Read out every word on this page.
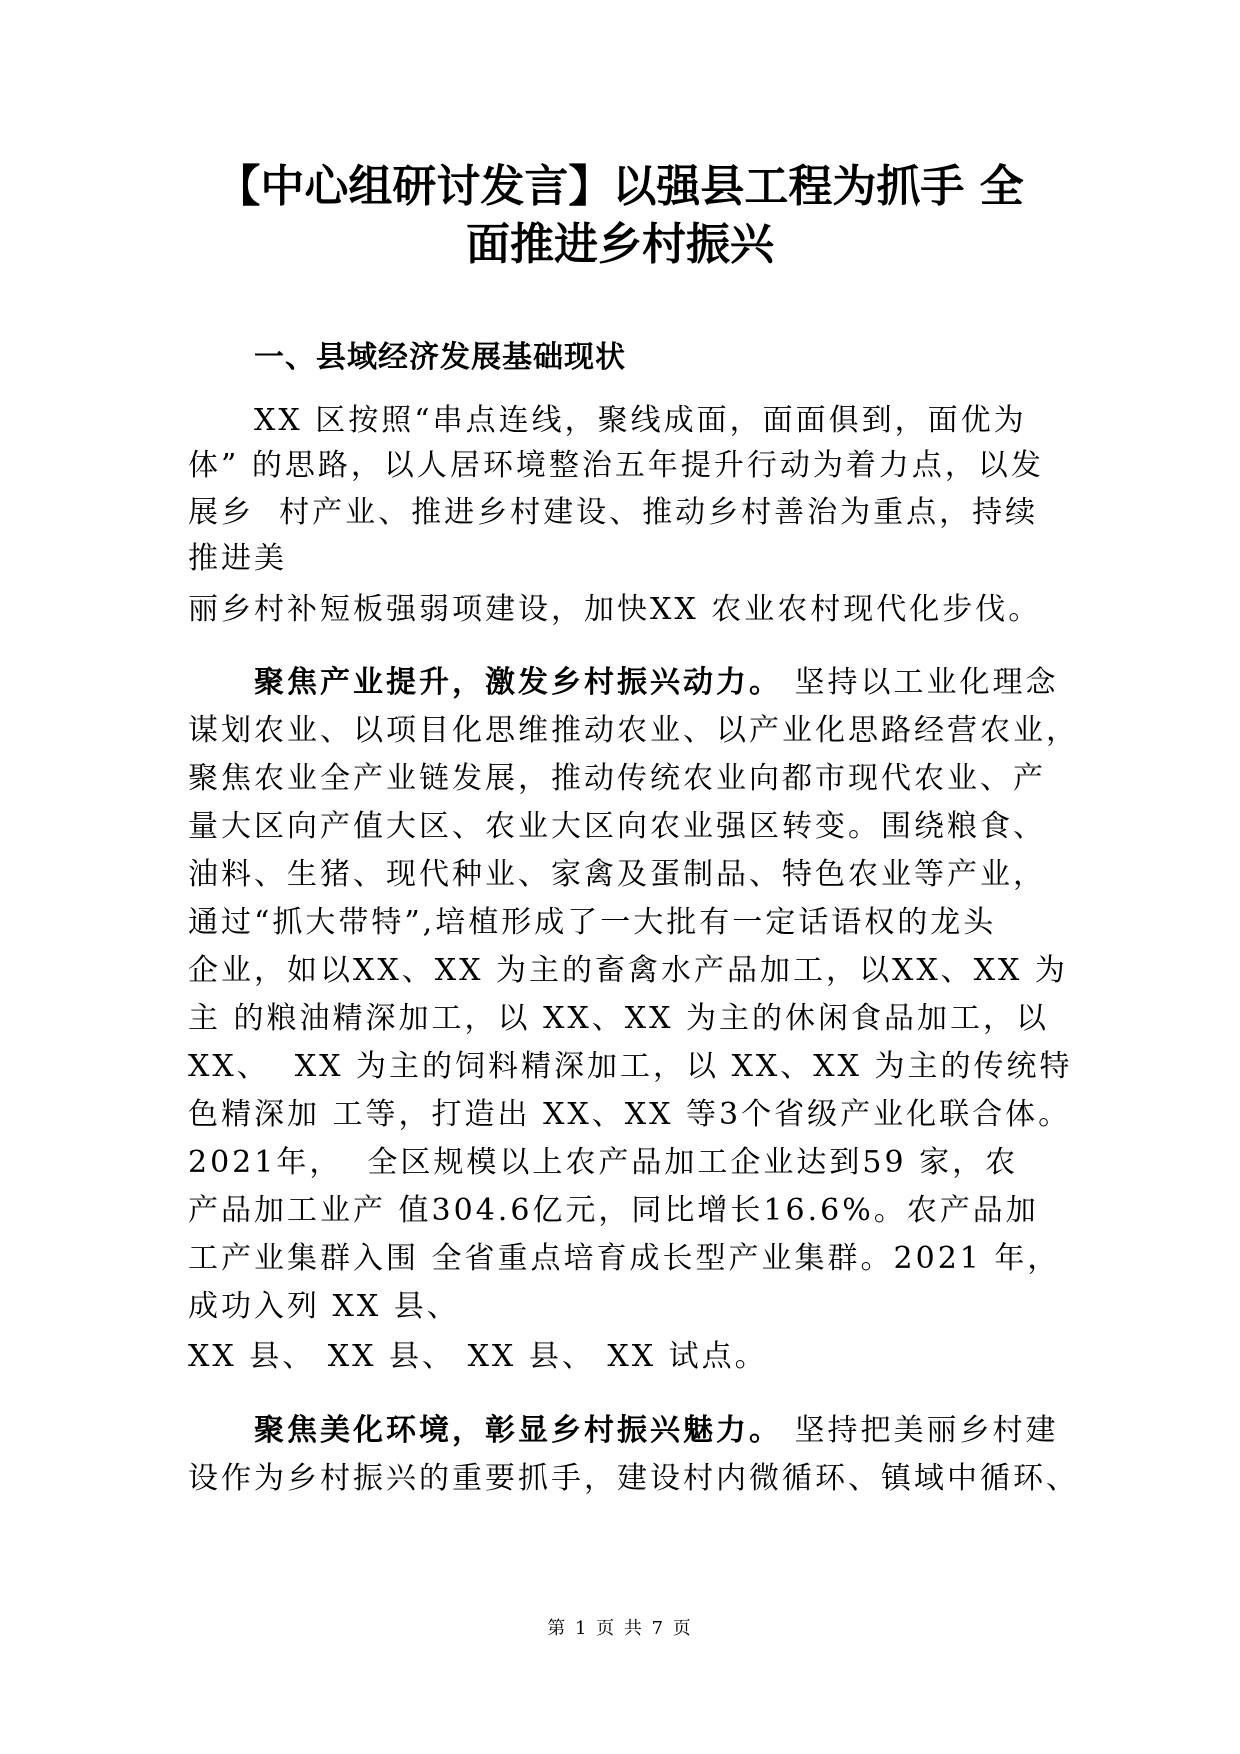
【中心组研讨发言】以强县工程为抓手 全
面推进乡村振兴
一、县域经济发展基础现状
XX 区按照“串点连线，聚线成面，面面俱到，面优为
体” 的思路，以人居环境整治五年提升行动为着力点，以发
展乡  村产业、推进乡村建设、推动乡村善治为重点，持续
推进美
丽乡村补短板强弱项建设，加快XX 农业农村现代化步伐。
聚焦产业提升，激发乡村振兴动力。 坚持以工业化理念
谋划农业、以项目化思维推动农业、以产业化思路经营农业，
聚焦农业全产业链发展，推动传统农业向都市现代农业、产
量大区向产值大区、农业大区向农业强区转变。围绕粮食、
油料、生猪、现代种业、家禽及蛋制品、特色农业等产业，
通过“抓大带特”,培植形成了一大批有一定话语权的龙头
企业，如以XX、XX 为主的畜禽水产品加工，以XX、XX 为
主 的粮油精深加工，以 XX、XX 为主的休闲食品加工，以
XX、  XX 为主的饲料精深加工，以 XX、XX 为主的传统特
色精深加 工等，打造出 XX、XX 等3个省级产业化联合体。
2021年，  全区规模以上农产品加工企业达到59 家，农
产品加工业产 值304.6亿元，同比增长16.6%。农产品加
工产业集群入围 全省重点培育成长型产业集群。2021 年，
成功入列 XX 县、
XX 县、 XX 县、 XX 县、 XX 试点。
聚焦美化环境，彰显乡村振兴魅力。 坚持把美丽乡村建
设作为乡村振兴的重要抓手，建设村内微循环、镇域中循环、
第 1 页 共 7 页
